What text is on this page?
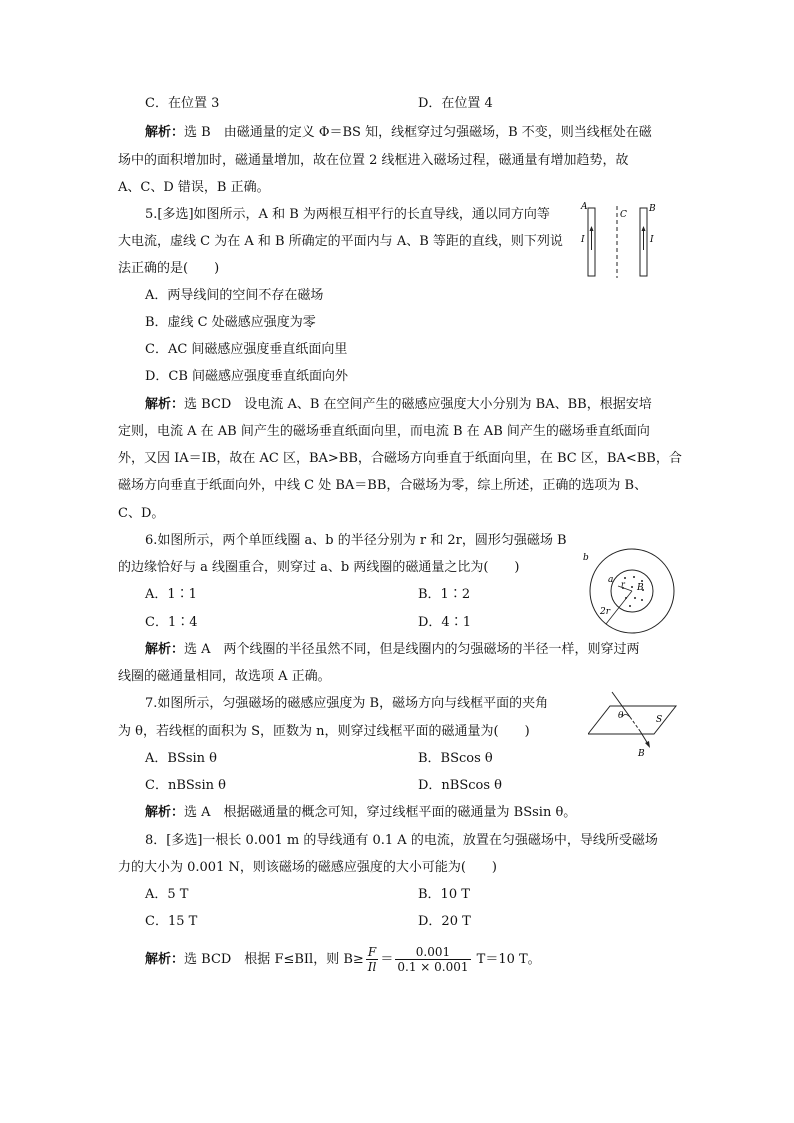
C．在位置 3	D．在位置 4
解析：选 B　由磁通量的定义 Φ＝BS 知，线框穿过匀强磁场，B 不变，则当线框处在磁
场中的面积增加时，磁通量增加，故在位置 2 线框进入磁场过程，磁通量有增加趋势，故
A、C、D 错误，B 正确。
5.[多选]如图所示，A 和 B 为两根互相平行的长直导线，通以同方向等
大电流，虚线 C 为在 A 和 B 所确定的平面内与 A、B 等距的直线，则下列说
法正确的是(　　)
A
C
B
I	I
A．两导线间的空间不存在磁场
B．虚线 C 处磁感应强度为零
C．AC 间磁感应强度垂直纸面向里
D．CB 间磁感应强度垂直纸面向外
解析：选 BCD　设电流 A、B 在空间产生的磁感应强度大小分别为 BA、BB，根据安培
定则，电流 A 在 AB 间产生的磁场垂直纸面向里，而电流 B 在 AB 间产生的磁场垂直纸面向
外，又因 IA＝IB，故在 AC 区，BA>BB，合磁场方向垂直于纸面向里，在 BC 区，BA<BB，合
磁场方向垂直于纸面向外，中线 C 处 BA＝BB，合磁场为零，综上所述，正确的选项为 B、
C、D。
6.如图所示，两个单匝线圈 a、b 的半径分别为 r 和 2r，圆形匀强磁场 B
的边缘恰好与 a 线圈重合，则穿过 a、b 两线圈的磁通量之比为(　　)
b
a r B
2r
A．1∶1	B．1∶2
C．1∶4	D．4∶1
解析：选 A　两个线圈的半径虽然不同，但是线圈内的匀强磁场的半径一样，则穿过两
线圈的磁通量相同，故选项 A 正确。
7.如图所示，匀强磁场的磁感应强度为 B，磁场方向与线框平面的夹角
为 θ，若线框的面积为 S，匝数为 n，则穿过线框平面的磁通量为(　　)
θ	S
B
A．BSsin θ	B．BScos θ
C．nBSsin θ	D．nBScos θ
解析：选 A　根据磁通量的概念可知，穿过线框平面的磁通量为 BSsin θ。
8．[多选]一根长 0.001 m 的导线通有 0.1 A 的电流，放置在匀强磁场中，导线所受磁场
力的大小为 0.001 N，则该磁场的磁感应强度的大小可能为(　　)
A．5 T	B．10 T
C．15 T	D．20 T
解析：选 BCD　根据 F≤BIl，则 $B\ge \frac{F}{Il} = \frac{0.001}{0.1 \times 0.001} T=10$ T。
